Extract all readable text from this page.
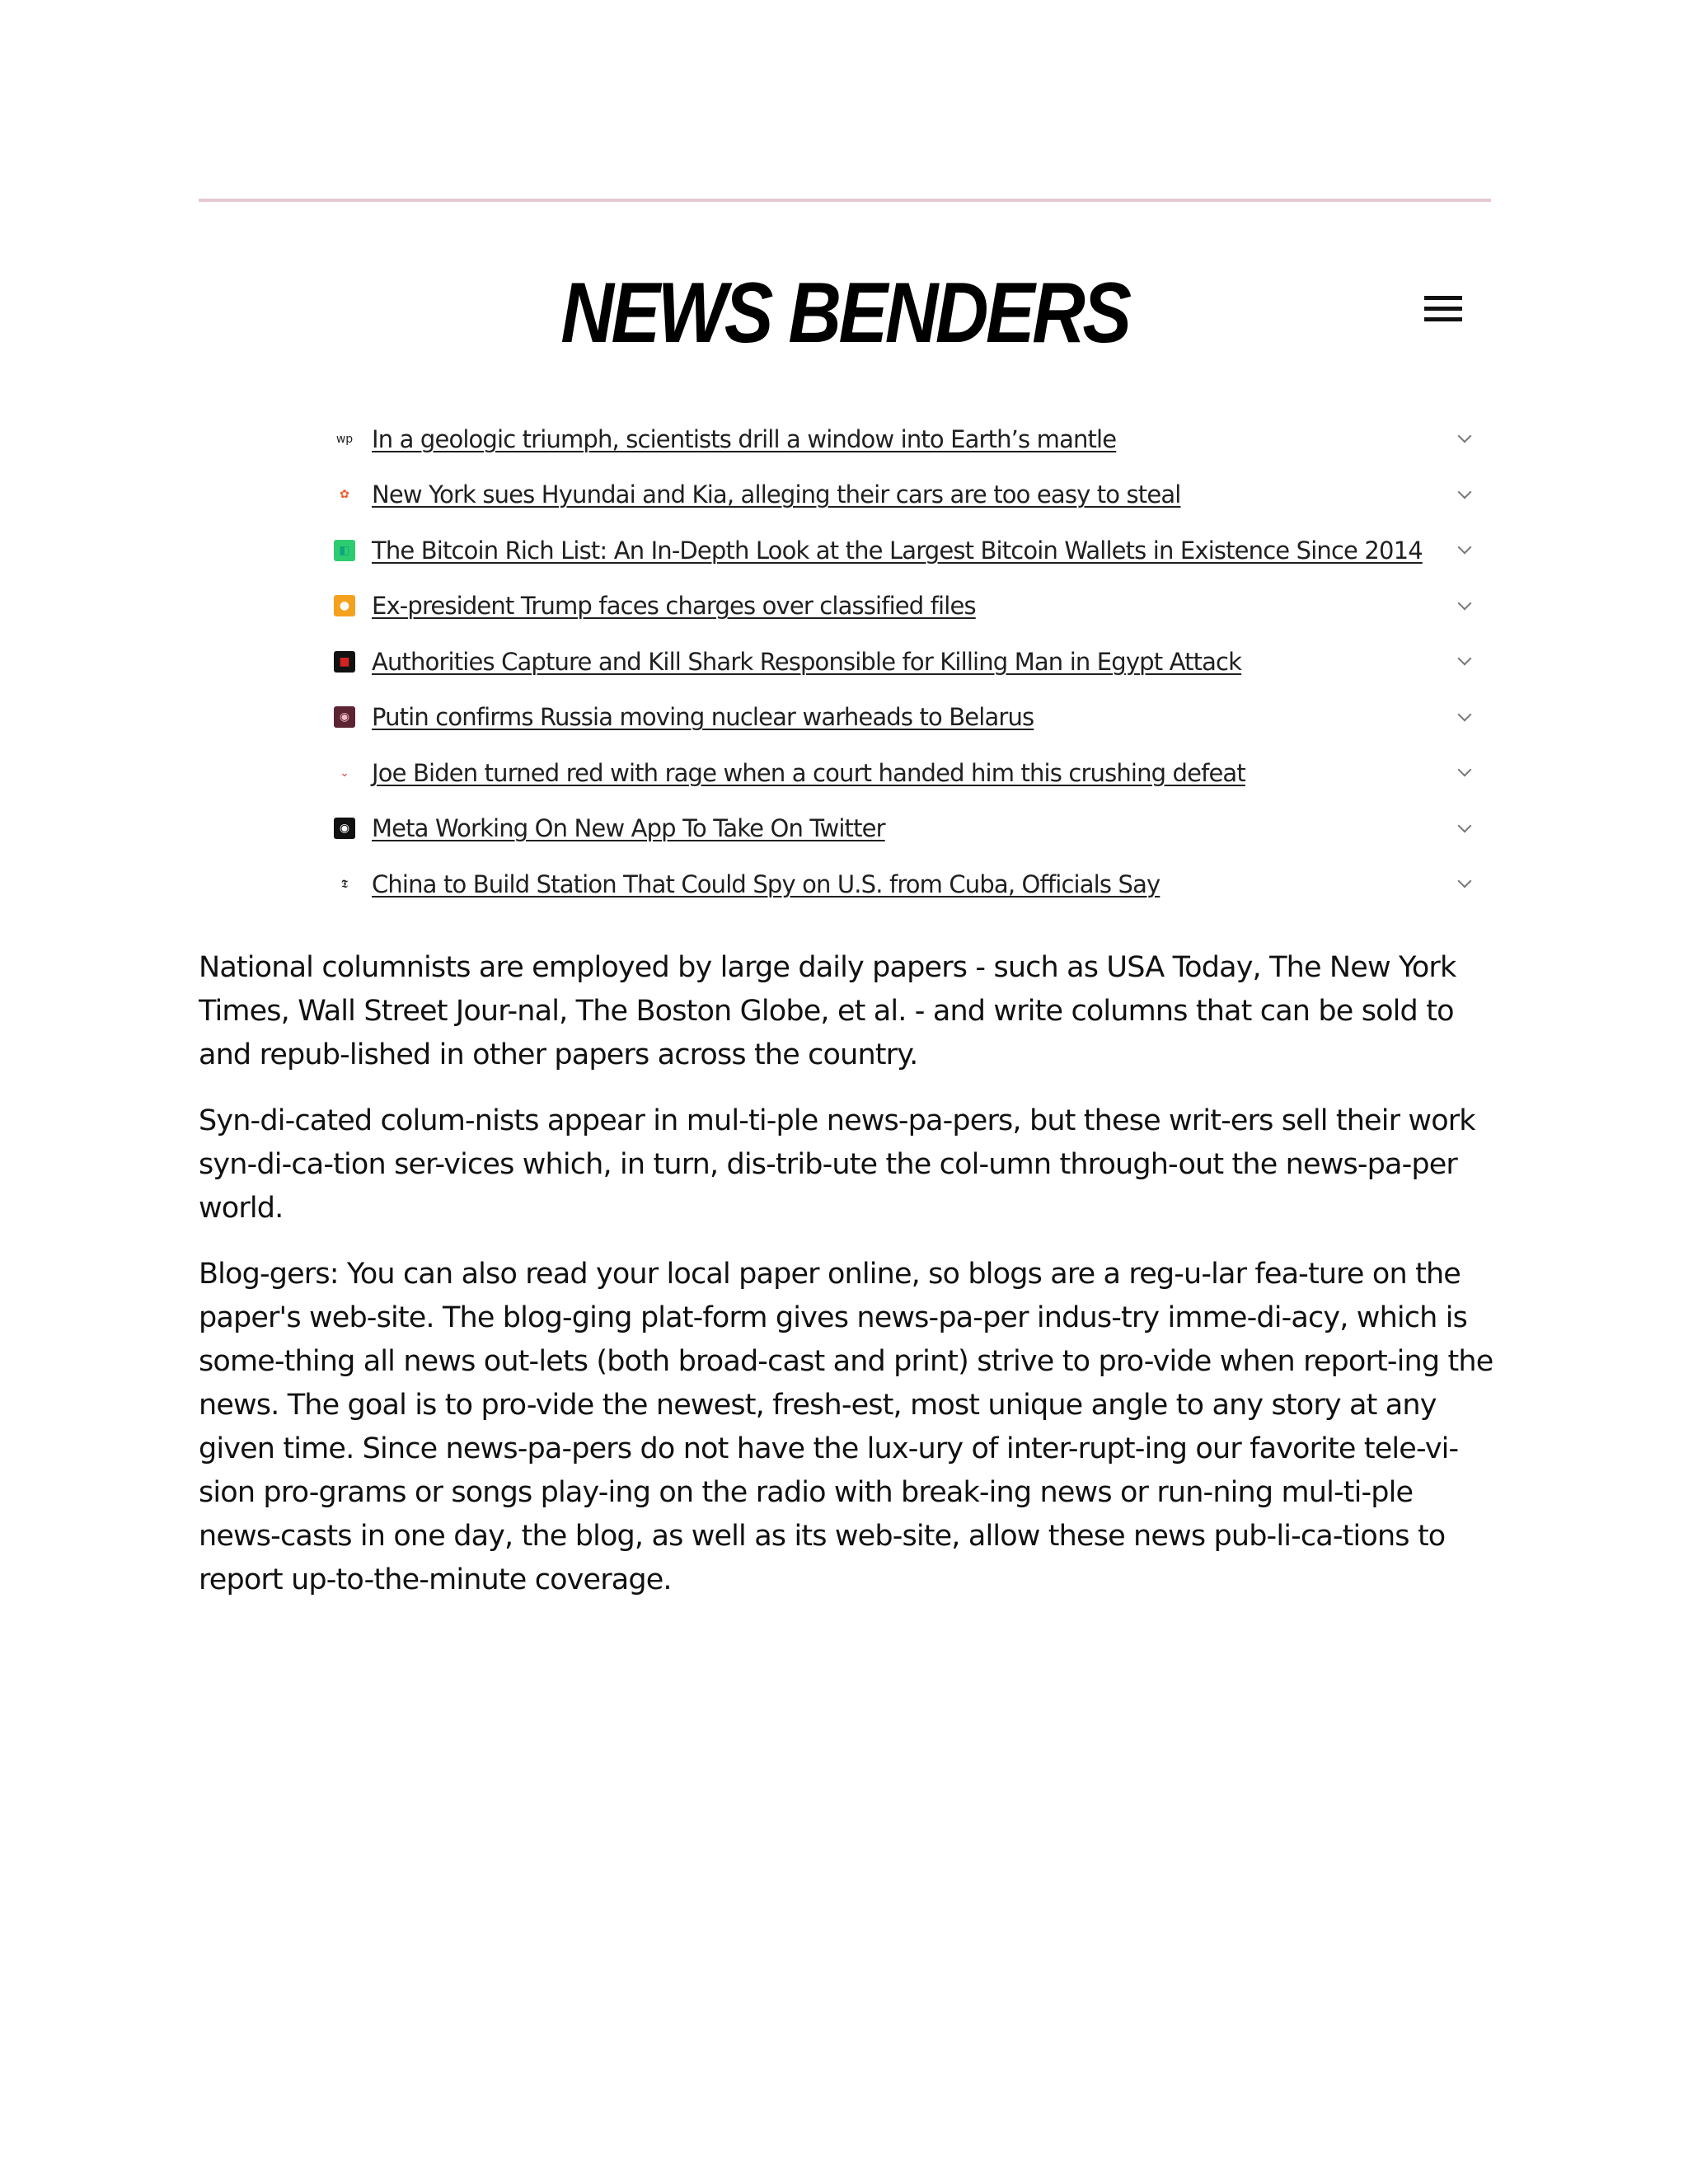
NEWS BENDERS
wp In a geologic triumph, scientists drill a window into Earth’s mantle
✿ New York sues Hyundai and Kia, alleging their cars are too easy to steal
◧ The Bitcoin Rich List: An In-Depth Look at the Largest Bitcoin Wallets in Existence Since 2014
● Ex-president Trump faces charges over classified files
■ Authorities Capture and Kill Shark Responsible for Killing Man in Egypt Attack
◉ Putin confirms Russia moving nuclear warheads to Belarus
⌄ Joe Biden turned red with rage when a court handed him this crushing defeat
◉ Meta Working On New App To Take On Twitter
𝕿 China to Build Station That Could Spy on U.S. from Cuba, Officials Say

National columnists are employed by large daily papers - such as USA Today, The New York Times, Wall Street Jour-nal, The Boston Globe, et al. - and write columns that can be sold to and repub-lished in other papers across the country.

Syn-di-cated colum-nists appear in mul-ti-ple news-pa-pers, but these writ-ers sell their work syn-di-ca-tion ser-vices which, in turn, dis-trib-ute the col-umn through-out the news-pa-per world.

Blog-gers: You can also read your local paper online, so blogs are a reg-u-lar fea-ture on the paper's web-site. The blog-ging plat-form gives news-pa-per indus-try imme-di-acy, which is some-thing all news out-lets (both broad-cast and print) strive to pro-vide when report-ing the news. The goal is to pro-vide the newest, fresh-est, most unique angle to any story at any given time. Since news-pa-pers do not have the lux-ury of inter-rupt-ing our favorite tele-vi-sion pro-grams or songs play-ing on the radio with break-ing news or run-ning mul-ti-ple news-casts in one day, the blog, as well as its web-site, allow these news pub-li-ca-tions to report up-to-the-minute coverage.
